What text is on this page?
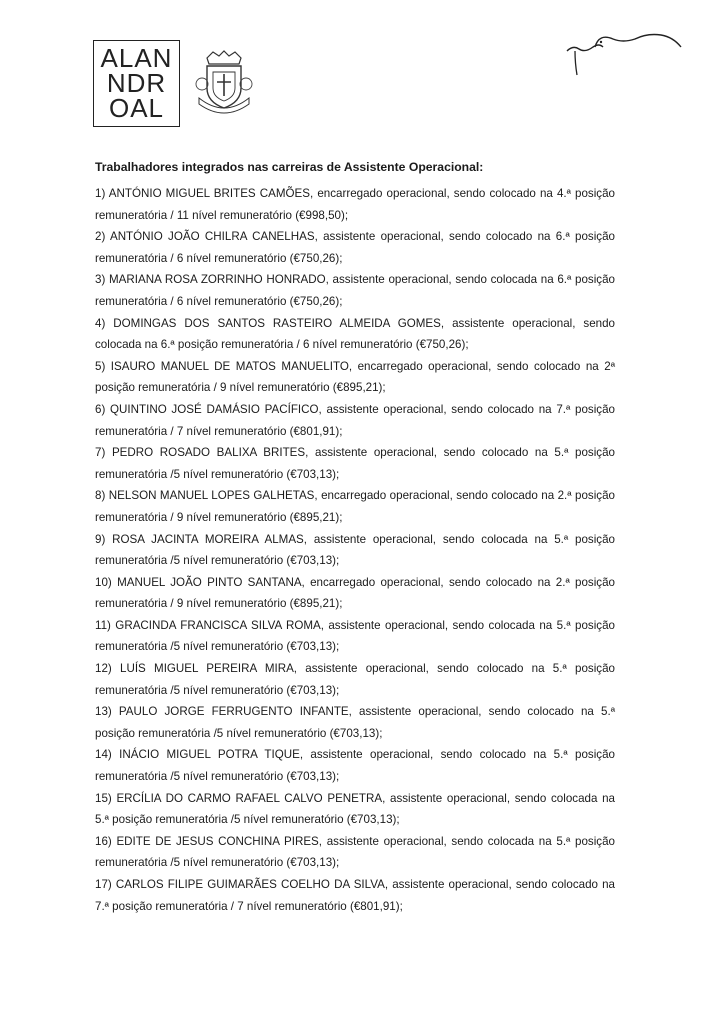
ALAN
NDR
OAL

Trabalhadores integrados nas carreiras de Assistente Operacional:

1) ANTÓNIO MIGUEL BRITES CAMÕES, encarregado operacional, sendo colocado na 4.ª posição remuneratória / 11 nível remuneratório (€998,50);

2) ANTÓNIO JOÃO CHILRA CANELHAS, assistente operacional, sendo colocado na 6.ª posição remuneratória / 6 nível remuneratório (€750,26);

3) MARIANA ROSA ZORRINHO HONRADO, assistente operacional, sendo colocada na 6.ª posição remuneratória / 6 nível remuneratório (€750,26);

4) DOMINGAS DOS SANTOS RASTEIRO ALMEIDA GOMES, assistente operacional, sendo colocada na 6.ª posição remuneratória / 6 nível remuneratório (€750,26);

5) ISAURO MANUEL DE MATOS MANUELITO, encarregado operacional, sendo colocado na 2ª posição remuneratória / 9 nível remuneratório (€895,21);

6) QUINTINO JOSÉ DAMÁSIO PACÍFICO, assistente operacional, sendo colocado na 7.ª posição remuneratória / 7 nível remuneratório (€801,91);

7) PEDRO ROSADO BALIXA BRITES, assistente operacional, sendo colocado na 5.ª posição remuneratória /5 nível remuneratório (€703,13);

8) NELSON MANUEL LOPES GALHETAS, encarregado operacional, sendo colocado na 2.ª posição remuneratória / 9 nível remuneratório (€895,21);

9) ROSA JACINTA MOREIRA ALMAS, assistente operacional, sendo colocada na 5.ª posição remuneratória /5 nível remuneratório (€703,13);

10) MANUEL JOÃO PINTO SANTANA, encarregado operacional, sendo colocado na 2.ª posição remuneratória / 9 nível remuneratório (€895,21);

11) GRACINDA FRANCISCA SILVA ROMA, assistente operacional, sendo colocada na 5.ª posição remuneratória /5 nível remuneratório (€703,13);

12) LUÍS MIGUEL PEREIRA MIRA, assistente operacional, sendo colocado na 5.ª posição remuneratória /5 nível remuneratório (€703,13);

13) PAULO JORGE FERRUGENTO INFANTE, assistente operacional, sendo colocado na 5.ª posição remuneratória /5 nível remuneratório (€703,13);

14) INÁCIO MIGUEL POTRA TIQUE, assistente operacional, sendo colocado na 5.ª posição remuneratória /5 nível remuneratório (€703,13);

15) ERCÍLIA DO CARMO RAFAEL CALVO PENETRA, assistente operacional, sendo colocada na 5.ª posição remuneratória /5 nível remuneratório (€703,13);

16) EDITE DE JESUS CONCHINA PIRES, assistente operacional, sendo colocada na 5.ª posição remuneratória /5 nível remuneratório (€703,13);

17) CARLOS FILIPE GUIMARÃES COELHO DA SILVA, assistente operacional, sendo colocado na 7.ª posição remuneratória / 7 nível remuneratório (€801,91);
